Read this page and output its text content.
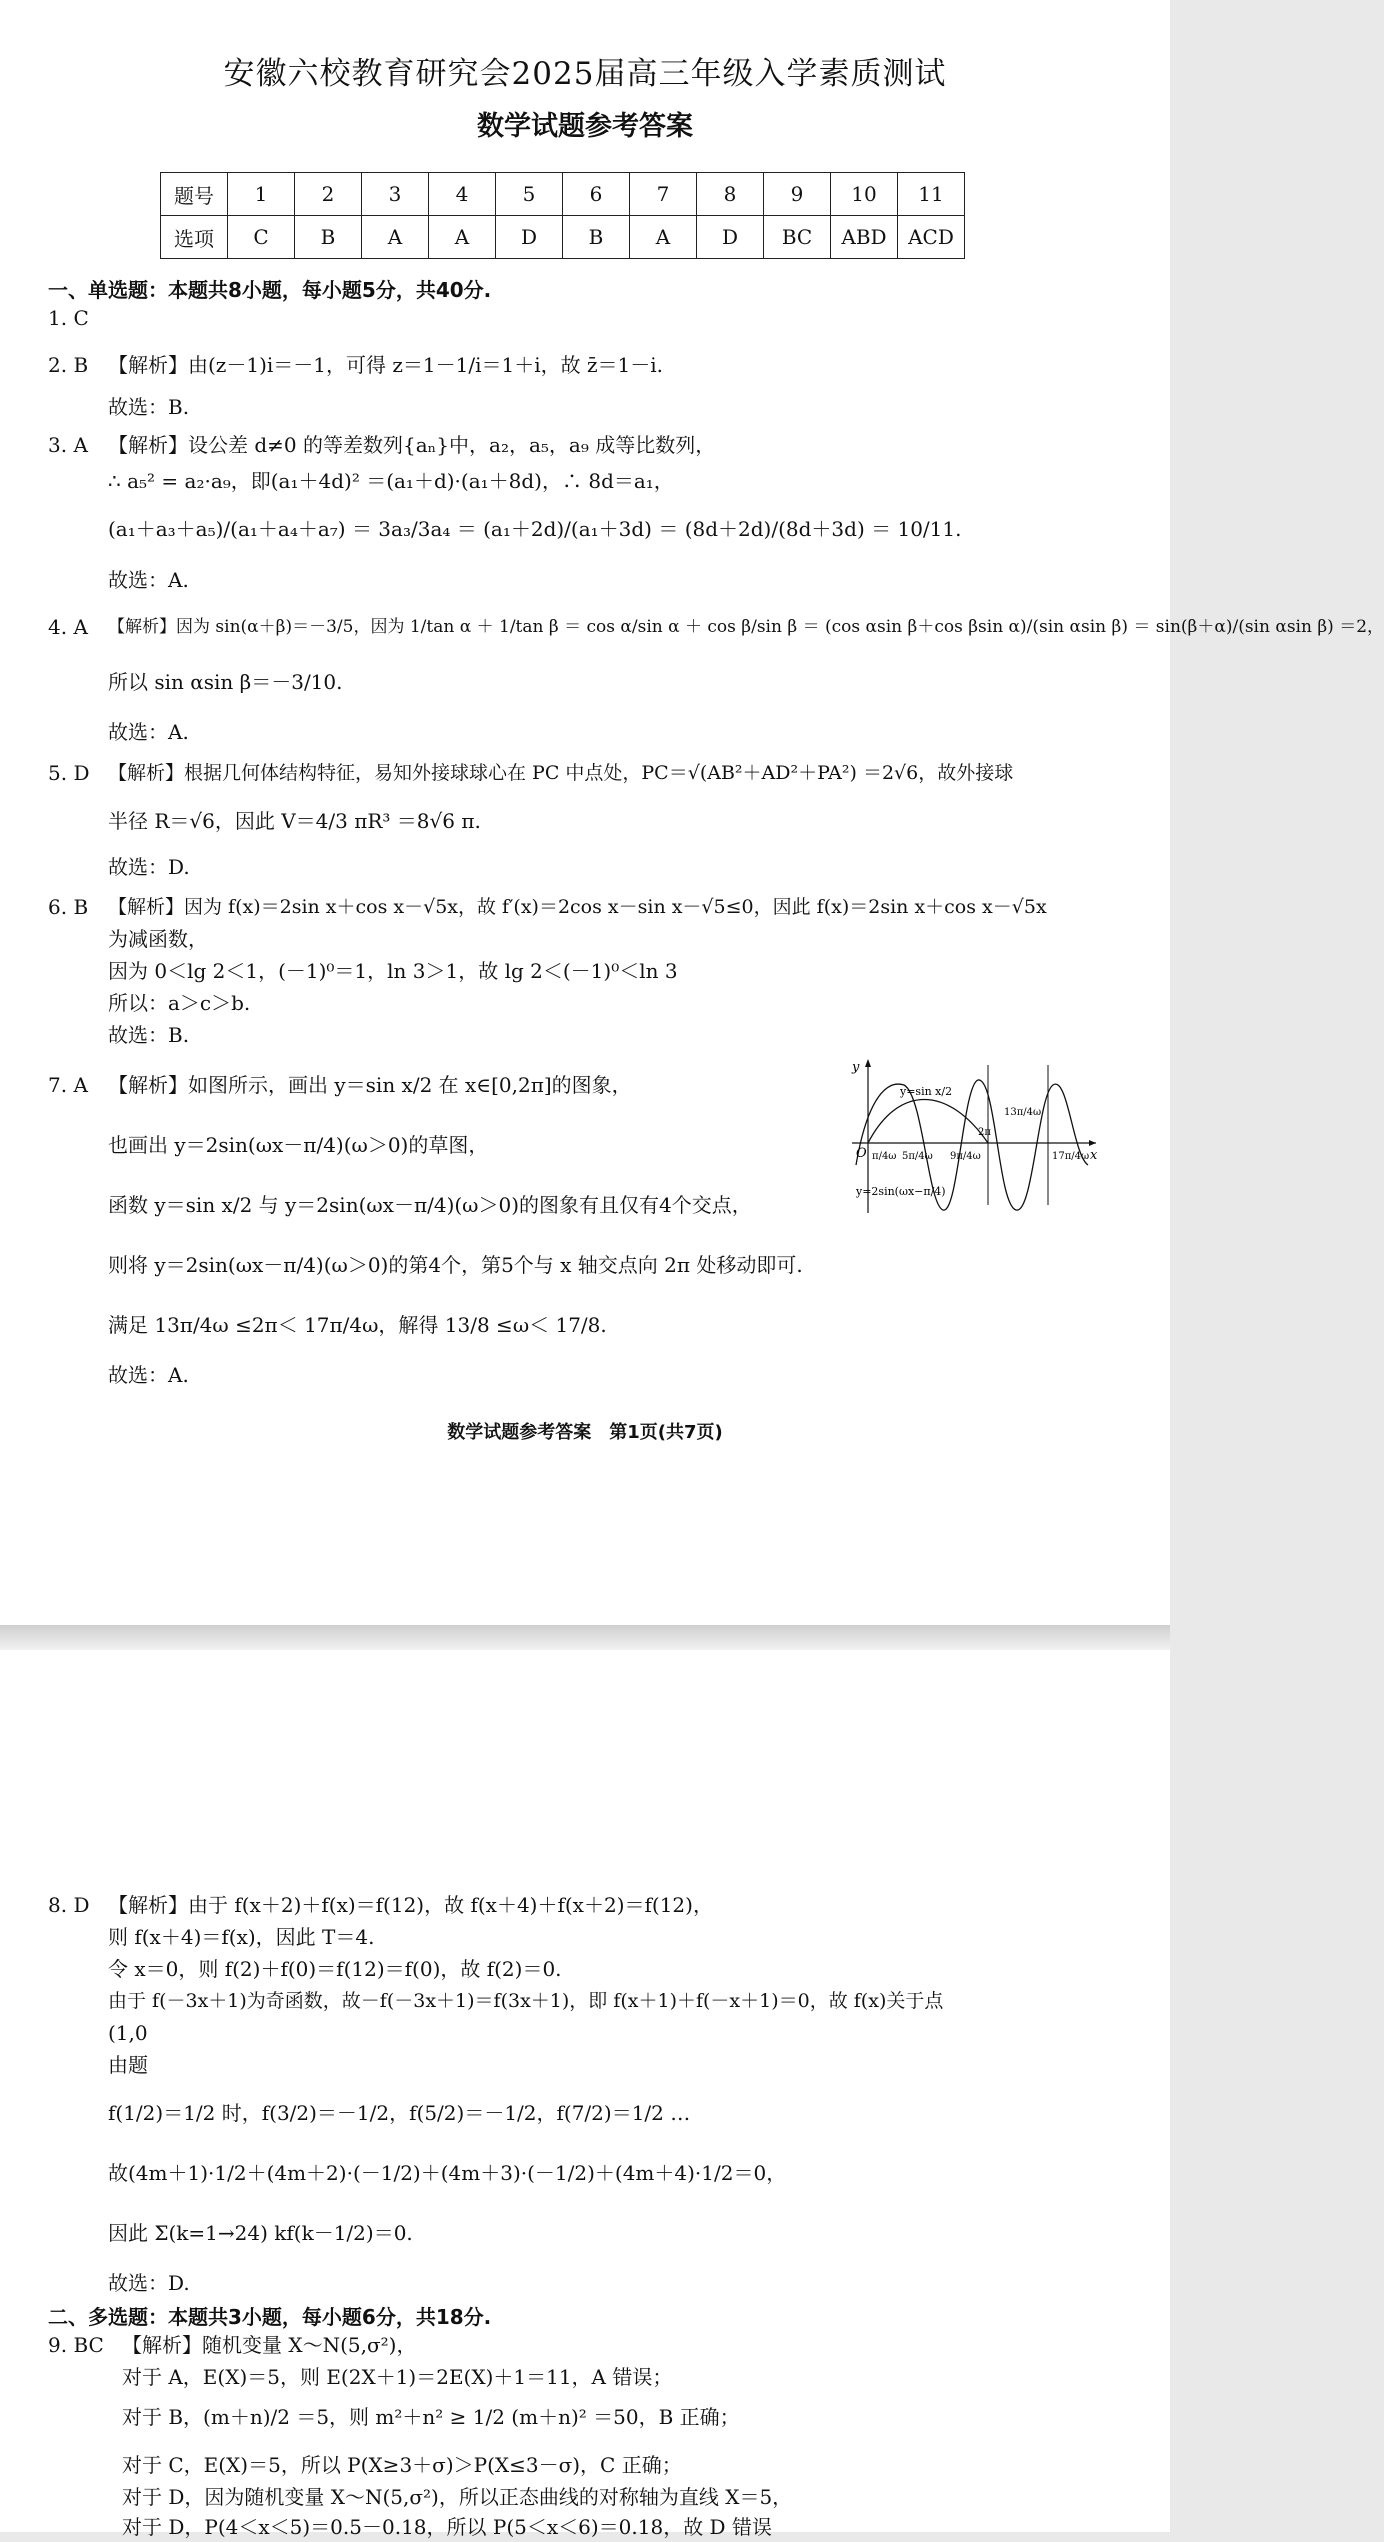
安徽六校教育研究会2025届高三年级入学素质测试
数学试题参考答案
题号	1	2	3	4	5	6	7	8	9	10	11
选项	C	B	A	A	D	B	A	D	BC	ABD	ACD
一、单选题：本题共8小题，每小题5分，共40分.
1. C
2. B 【解析】由(z－1)i＝－1，可得 z＝1－1/i＝1＋i，故 z̄＝1－i.
故选：B.
3. A 【解析】设公差 d≠0 的等差数列{aₙ}中，a₂，a₅，a₉ 成等比数列，
∴ a₅² = a₂·a₉，即(a₁＋4d)² ＝(a₁＋d)·(a₁＋8d)，∴ 8d＝a₁，
(a₁＋a₃＋a₅)/(a₁＋a₄＋a₇) ＝ 3a₃/3a₄ ＝ (a₁＋2d)/(a₁＋3d) ＝ (8d＋2d)/(8d＋3d) ＝ 10/11.
故选：A.
4. A 【解析】因为 sin(α＋β)＝－3/5，因为 1/tan α ＋ 1/tan β ＝ cos α/sin α ＋ cos β/sin β ＝ (cos αsin β＋cos βsin α)/(sin αsin β) ＝ sin(β＋α)/(sin αsin β) ＝2，
所以 sin αsin β＝－3/10.
故选：A.
5. D 【解析】根据几何体结构特征，易知外接球球心在 PC 中点处，PC＝√(AB²＋AD²＋PA²) ＝2√6，故外接球
半径 R＝√6，因此 V＝4/3 πR³ ＝8√6 π.
故选：D.
6. B 【解析】因为 f(x)＝2sin x＋cos x－√5x，故 f′(x)＝2cos x－sin x－√5≤0，因此 f(x)＝2sin x＋cos x－√5x
为减函数，
因为 0＜lg 2＜1，(－1)⁰＝1，ln 3＞1，故 lg 2＜(－1)⁰＜ln 3
所以：a＞c＞b.
故选：B.
7. A 【解析】如图所示，画出 y＝sin x/2 在 x∈[0,2π]的图象，
也画出 y＝2sin(ωx－π/4)(ω＞0)的草图，
函数 y＝sin x/2 与 y＝2sin(ωx－π/4)(ω＞0)的图象有且仅有4个交点，
则将 y＝2sin(ωx－π/4)(ω＞0)的第4个，第5个与 x 轴交点向 2π 处移动即可.
满足 13π/4ω ≤2π＜ 17π/4ω，解得 13/8 ≤ω＜ 17/8.
故选：A.
y
x
O
y=sin x/2
y=2sin(ωx−π/4)
π/4ω 5π/4ω 9π/4ω
2π
13π/4ω
17π/4ω
数学试题参考答案　第1页(共7页)
8. D 【解析】由于 f(x＋2)＋f(x)＝f(12)，故 f(x＋4)＋f(x＋2)＝f(12)，
则 f(x＋4)＝f(x)，因此 T＝4.
令 x＝0，则 f(2)＋f(0)＝f(12)＝f(0)，故 f(2)＝0.
由于 f(－3x＋1)为奇函数，故－f(－3x＋1)＝f(3x＋1)，即 f(x＋1)＋f(－x＋1)＝0，故 f(x)关于点
(1,0
由题
f(1/2)＝1/2 时，f(3/2)＝－1/2，f(5/2)＝－1/2，f(7/2)＝1/2 …
故(4m＋1)·1/2＋(4m＋2)·(－1/2)＋(4m＋3)·(－1/2)＋(4m＋4)·1/2＝0，
因此 Σ(k=1→24) kf(k－1/2)＝0.
故选：D.
二、多选题：本题共3小题，每小题6分，共18分.
9. BC 【解析】随机变量 X～N(5,σ²)，
对于 A，E(X)＝5，则 E(2X＋1)＝2E(X)＋1＝11，A 错误；
对于 B，(m＋n)/2 ＝5，则 m²＋n² ≥ 1/2 (m＋n)² ＝50，B 正确；
对于 C，E(X)＝5，所以 P(X≥3＋σ)＞P(X≤3－σ)，C 正确；
对于 D，因为随机变量 X～N(5,σ²)，所以正态曲线的对称轴为直线 X＝5，
对于 D，P(4＜x＜5)＝0.5－0.18，所以 P(5＜x＜6)＝0.18，故 D 错误
